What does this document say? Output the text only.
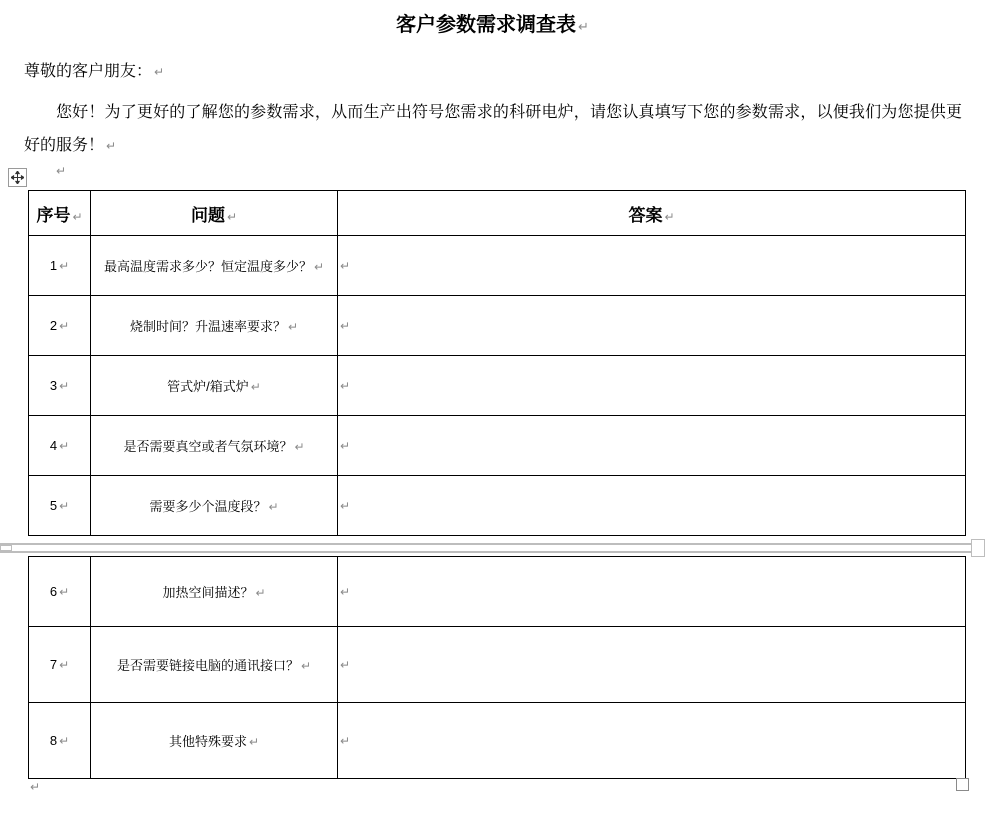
客户参数需求调查表 ↵
尊敬的客户朋友： ↵
您好！为了更好的了解您的参数需求，从而生产出符号您需求的科研电炉，请您认真填写下您的参数需求，以便我们为您提供更好的服务！ ↵
↵
序号 ↵	问题 ↵	答案 ↵
1 ↵	最高温度需求多少？恒定温度多少？ ↵	↵
2 ↵	烧制时间？升温速率要求？ ↵	↵
3 ↵	管式炉/箱式炉 ↵	↵
4 ↵	是否需要真空或者气氛环境？ ↵	↵
5 ↵	需要多少个温度段？ ↵	↵
6 ↵	加热空间描述？ ↵	↵
7 ↵	是否需要链接电脑的通讯接口？ ↵	↵
8 ↵	其他特殊要求 ↵	↵
↵
